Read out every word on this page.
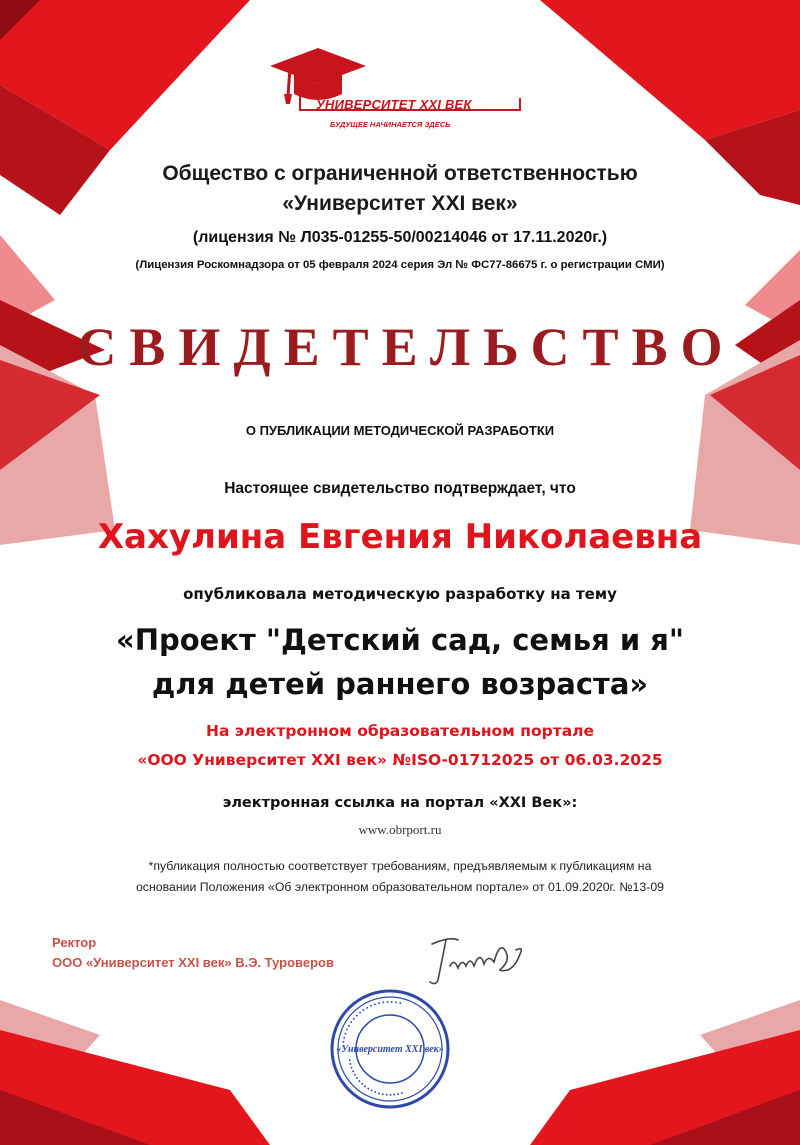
УНИВЕРСИТЕТ XXI ВЕК
БУДУЩЕЕ НАЧИНАЕТСЯ ЗДЕСЬ
Общество с ограниченной ответственностью
«Университет XXI век»
(лицензия № Л035-01255-50/00214046 от 17.11.2020г.)
(Лицензия Роскомнадзора от 05 февраля 2024 серия Эл № ФС77-86675 г. о регистрации СМИ)
СВИДЕТЕЛЬСТВО
О ПУБЛИКАЦИИ МЕТОДИЧЕСКОЙ РАЗРАБОТКИ
Настоящее свидетельство подтверждает, что
Хахулина Евгения Николаевна
опубликовала методическую разработку на тему
«Проект "Детский сад, семья и я"
для детей раннего возраста»
На электронном образовательном портале
«ООО Университет XXI век» №ISO-01712025 от 06.03.2025
электронная ссылка на портал «XXI Век»:
www.obrport.ru
*публикация полностью соответствует требованиям, предъявляемым к публикациям на
основании Положения «Об электронном образовательном портале» от 01.09.2020г. №13-09
Ректор
ООО «Университет XXI век» В.Э. Туроверов
• • • • • • • • • • • • • • • • • • •
• • • • • • • • • • • • • • • • • • •
«Университет XXI век»
